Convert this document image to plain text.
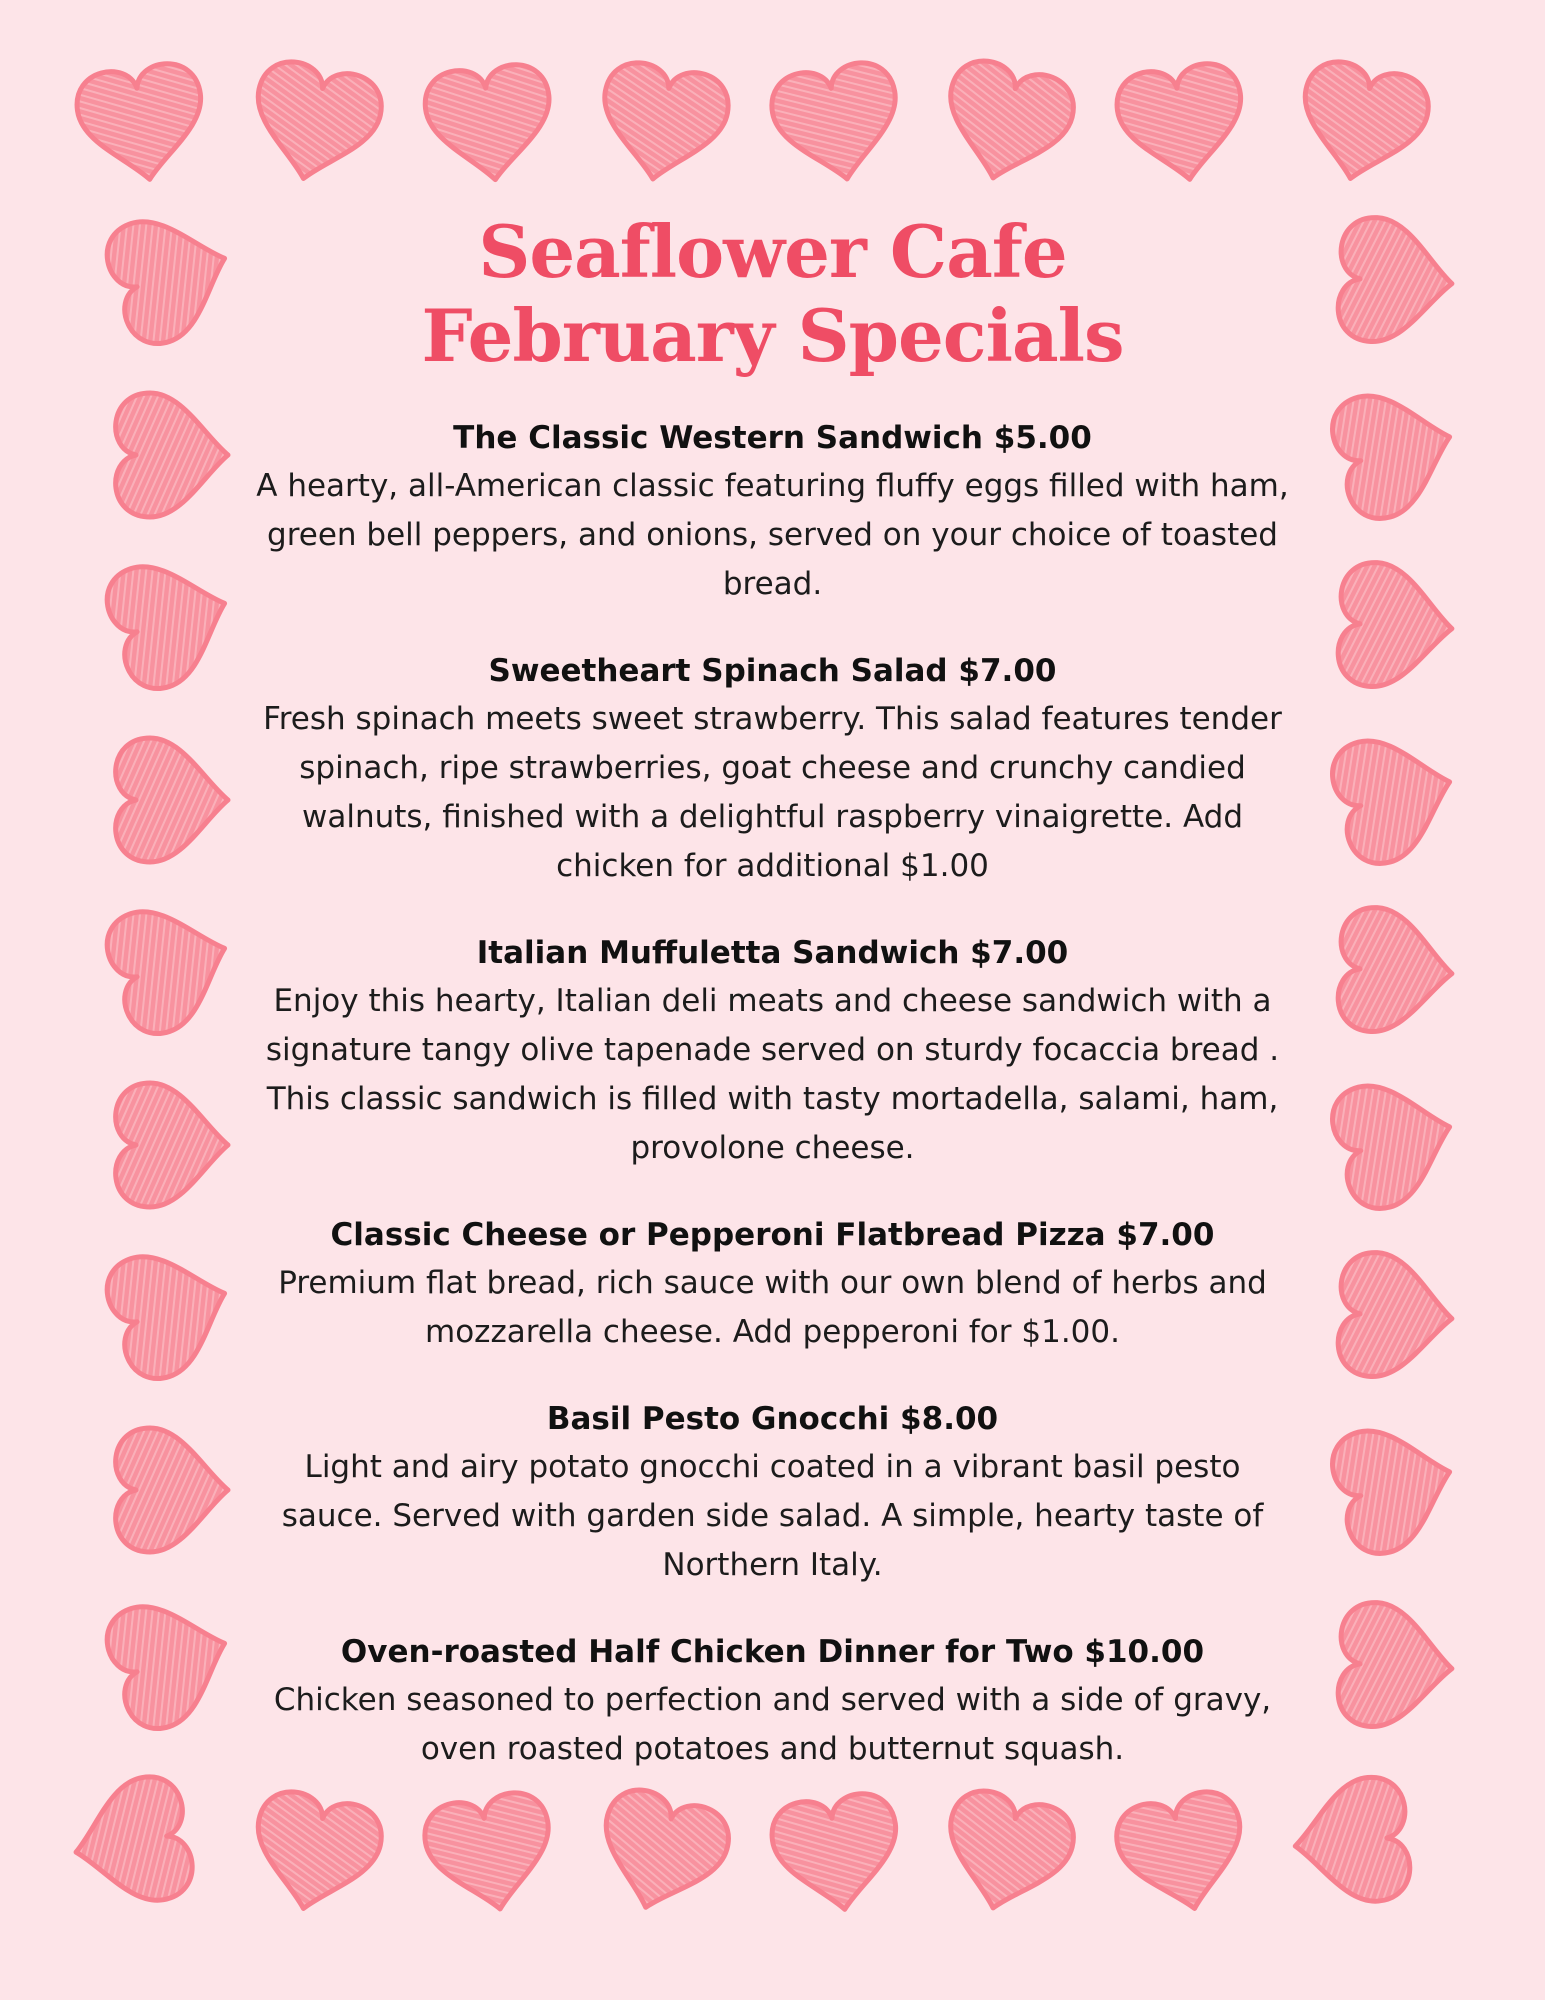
Seaflower Cafe
February Specials

The Classic Western Sandwich $5.00

A hearty, all-American classic featuring fluffy eggs filled with ham, green bell peppers, and onions, served on your choice of toasted bread.

Sweetheart Spinach Salad $7.00

Fresh spinach meets sweet strawberry. This salad features tender spinach, ripe strawberries, goat cheese and crunchy candied walnuts, finished with a delightful raspberry vinaigrette. Add chicken for additional $1.00

Italian Muffuletta Sandwich $7.00

Enjoy this hearty, Italian deli meats and cheese sandwich with a signature tangy olive tapenade served on sturdy focaccia bread . This classic sandwich is filled with tasty mortadella, salami, ham, provolone cheese.

Classic Cheese or Pepperoni Flatbread Pizza $7.00

Premium flat bread, rich sauce with our own blend of herbs and mozzarella cheese. Add pepperoni for $1.00.

Basil Pesto Gnocchi $8.00

Light and airy potato gnocchi coated in a vibrant basil pesto sauce. Served with garden side salad. A simple, hearty taste of Northern Italy.

Oven-roasted Half Chicken Dinner for Two $10.00

Chicken seasoned to perfection and served with a side of gravy, oven roasted potatoes and butternut squash.
